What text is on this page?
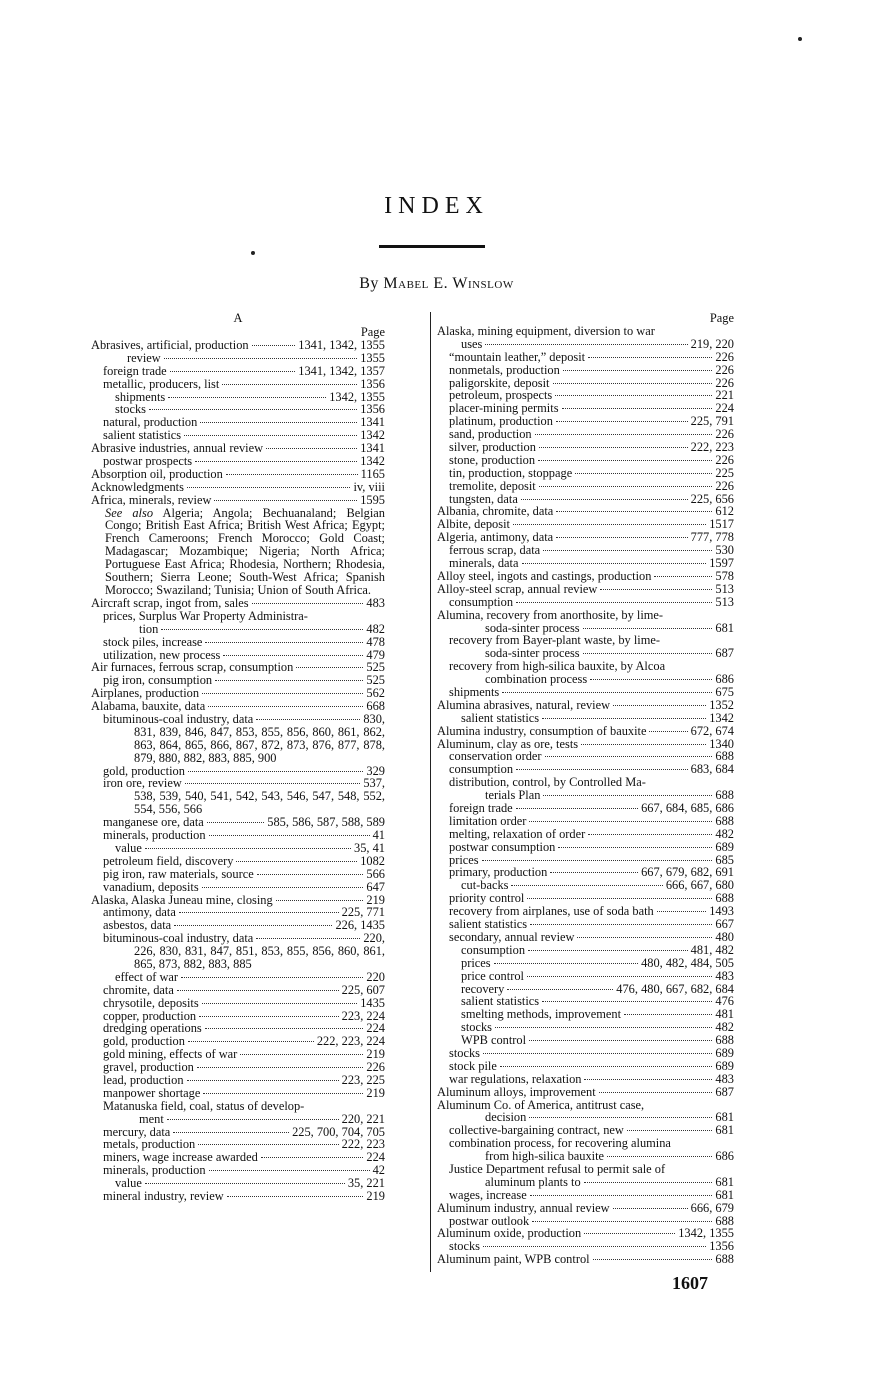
INDEX
By Mabel E. Winslow
A
Page
Abrasives, artificial, production	1341, 1342, 1355
review	1355
foreign trade	1341, 1342, 1357
metallic, producers, list	1356
shipments	1342, 1355
stocks	1356
natural, production	1341
salient statistics	1342
Abrasive industries, annual review	1341
postwar prospects	1342
Absorption oil, production	1165
Acknowledgments	iv, viii
Africa, minerals, review	1595
See also Algeria; Angola; Bechuanaland; Belgian Congo; British East Africa; British West Africa; Egypt; French Cameroons; French Morocco; Gold Coast; Madagascar; Mozambique; Nigeria; North Africa; Portuguese East Africa; Rhodesia, Northern; Rhodesia, Southern; Sierra Leone; South-West Africa; Spanish Morocco; Swaziland; Tunisia; Union of South Africa.
Aircraft scrap, ingot from, sales	483
prices, Surplus War Property Administra-
tion	482
stock piles, increase	478
utilization, new process	479
Air furnaces, ferrous scrap, consumption	525
pig iron, consumption	525
Airplanes, production	562
Alabama, bauxite, data	668
bituminous-coal industry, data	830,
831, 839, 846, 847, 853, 855, 856, 860, 861, 862, 863, 864, 865, 866, 867, 872, 873, 876, 877, 878, 879, 880, 882, 883, 885, 900
gold, production	329
iron ore, review	537,
538, 539, 540, 541, 542, 543, 546, 547, 548, 552, 554, 556, 566
manganese ore, data	585, 586, 587, 588, 589
minerals, production	41
value	35, 41
petroleum field, discovery	1082
pig iron, raw materials, source	566
vanadium, deposits	647
Alaska, Alaska Juneau mine, closing	219
antimony, data	225, 771
asbestos, data	226, 1435
bituminous-coal industry, data	220,
226, 830, 831, 847, 851, 853, 855, 856, 860, 861, 865, 873, 882, 883, 885
effect of war	220
chromite, data	225, 607
chrysotile, deposits	1435
copper, production	223, 224
dredging operations	224
gold, production	222, 223, 224
gold mining, effects of war	219
gravel, production	226
lead, production	223, 225
manpower shortage	219
Matanuska field, coal, status of develop-
ment	220, 221
mercury, data	225, 700, 704, 705
metals, production	222, 223
miners, wage increase awarded	224
minerals, production	42
value	35, 221
mineral industry, review	219
Page
Alaska, mining equipment, diversion to war
uses	219, 220
“mountain leather,” deposit	226
nonmetals, production	226
paligorskite, deposit	226
petroleum, prospects	221
placer-mining permits	224
platinum, production	225, 791
sand, production	226
silver, production	222, 223
stone, production	226
tin, production, stoppage	225
tremolite, deposit	226
tungsten, data	225, 656
Albania, chromite, data	612
Albite, deposit	1517
Algeria, antimony, data	777, 778
ferrous scrap, data	530
minerals, data	1597
Alloy steel, ingots and castings, production	578
Alloy-steel scrap, annual review	513
consumption	513
Alumina, recovery from anorthosite, by lime-
soda-sinter process	681
recovery from Bayer-plant waste, by lime-
soda-sinter process	687
recovery from high-silica bauxite, by Alcoa
combination process	686
shipments	675
Alumina abrasives, natural, review	1352
salient statistics	1342
Alumina industry, consumption of bauxite	672, 674
Aluminum, clay as ore, tests	1340
conservation order	688
consumption	683, 684
distribution, control, by Controlled Ma-
terials Plan	688
foreign trade	667, 684, 685, 686
limitation order	688
melting, relaxation of order	482
postwar consumption	689
prices	685
primary, production	667, 679, 682, 691
cut-backs	666, 667, 680
priority control	688
recovery from airplanes, use of soda bath	1493
salient statistics	667
secondary, annual review	480
consumption	481, 482
prices	480, 482, 484, 505
price control	483
recovery	476, 480, 667, 682, 684
salient statistics	476
smelting methods, improvement	481
stocks	482
WPB control	688
stocks	689
stock pile	689
war regulations, relaxation	483
Aluminum alloys, improvement	687
Aluminum Co. of America, antitrust case,
decision	681
collective-bargaining contract, new	681
combination process, for recovering alumina
from high-silica bauxite	686
Justice Department refusal to permit sale of
aluminum plants to	681
wages, increase	681
Aluminum industry, annual review	666, 679
postwar outlook	688
Aluminum oxide, production	1342, 1355
stocks	1356
Aluminum paint, WPB control	688
1607
